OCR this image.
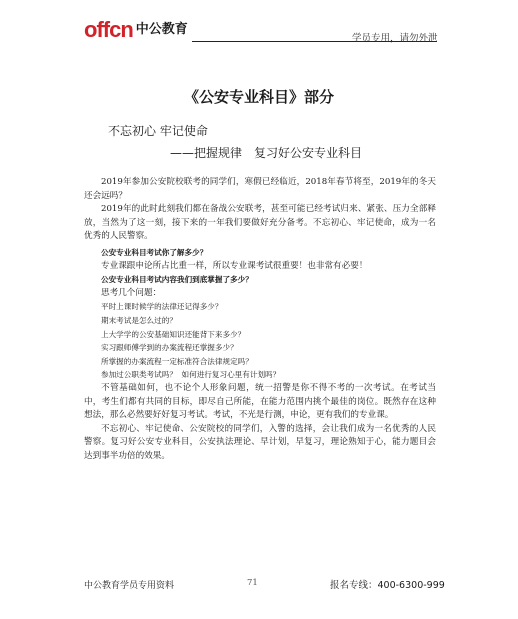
offcn 中公教育
学员专用，请勿外泄
《公安专业科目》部分
不忘初心 牢记使命
——把握规律　复习好公安专业科目

2019年参加公安院校联考的同学们，寒假已经临近，2018年春节将至，2019年的冬天还会远吗？

2019年的此时此刻我们都在备战公安联考，甚至可能已经考试归来、紧张、压力全部释放，当然为了这一刻，接下来的一年我们要做好充分备考。不忘初心、牢记使命，成为一名优秀的人民警察。

公安专业科目考试你了解多少？

专业课跟申论所占比重一样，所以专业课考试很重要！也非常有必要！

公安专业科目考试内容我们到底掌握了多少？

思考几个问题：

平时上课时候学的法律还记得多少？

期末考试是怎么过的？

上大学学的公安基础知识还能背下来多少？

实习跟师傅学到的办案流程还掌握多少？

所掌握的办案流程一定标准符合法律规定吗？

参加过公职类考试吗？ 如何进行复习心里有计划吗？

不管基础如何，也不论个人形象问题，统一招警是你不得不考的一次考试。在考试当中，考生们都有共同的目标，即尽自己所能，在能力范围内挑个最佳的岗位。既然存在这种想法，那么必然要好好复习考试。考试，不光是行测，申论，更有我们的专业课。

不忘初心、牢记使命、公安院校的同学们，入警的选择，会让我们成为一名优秀的人民警察。复习好公安专业科目，公安执法理论、早计划，早复习，理论熟知于心，能力题目会达到事半功倍的效果。

中公教育学员专用资料	71	报名专线：400-6300-999
